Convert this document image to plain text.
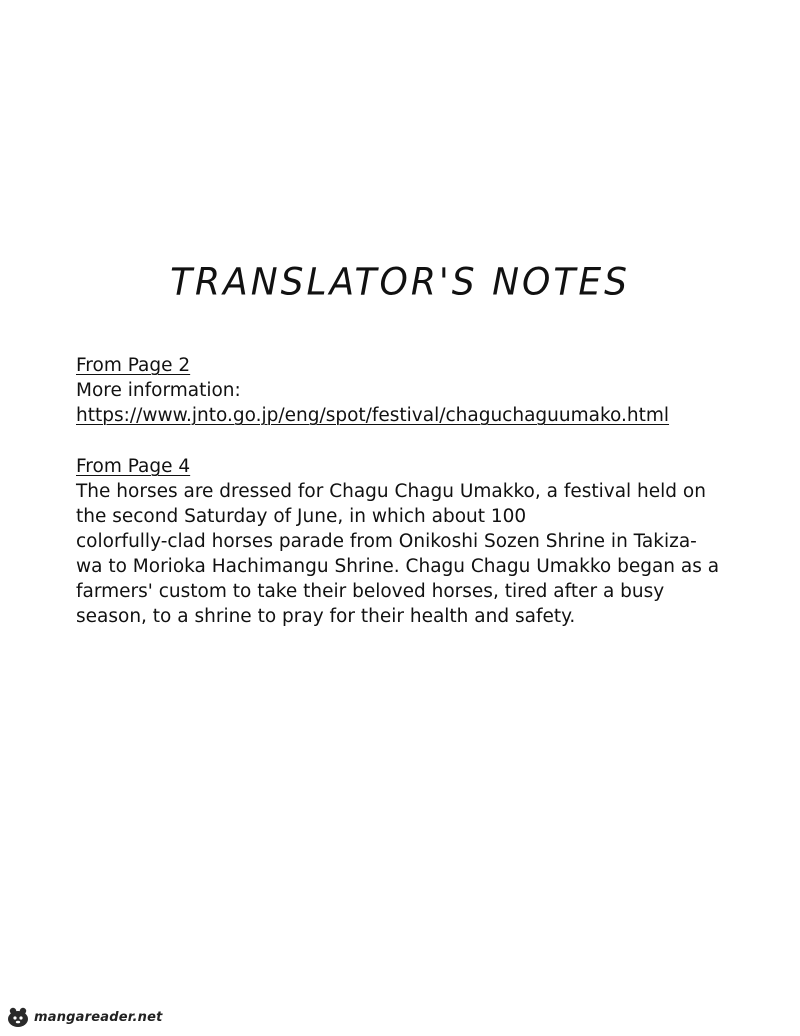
TRANSLATOR'S NOTES
From Page 2
More information:
https://www.jnto.go.jp/eng/spot/festival/chaguchaguumako.html
From Page 4
The horses are dressed for Chagu Chagu Umakko, a festival held on
the second Saturday of June, in which about 100
colorfully-clad horses parade from Onikoshi Sozen Shrine in Takiza-
wa to Morioka Hachimangu Shrine. Chagu Chagu Umakko began as a
farmers' custom to take their beloved horses, tired after a busy
season, to a shrine to pray for their health and safety.
mangareader.net
